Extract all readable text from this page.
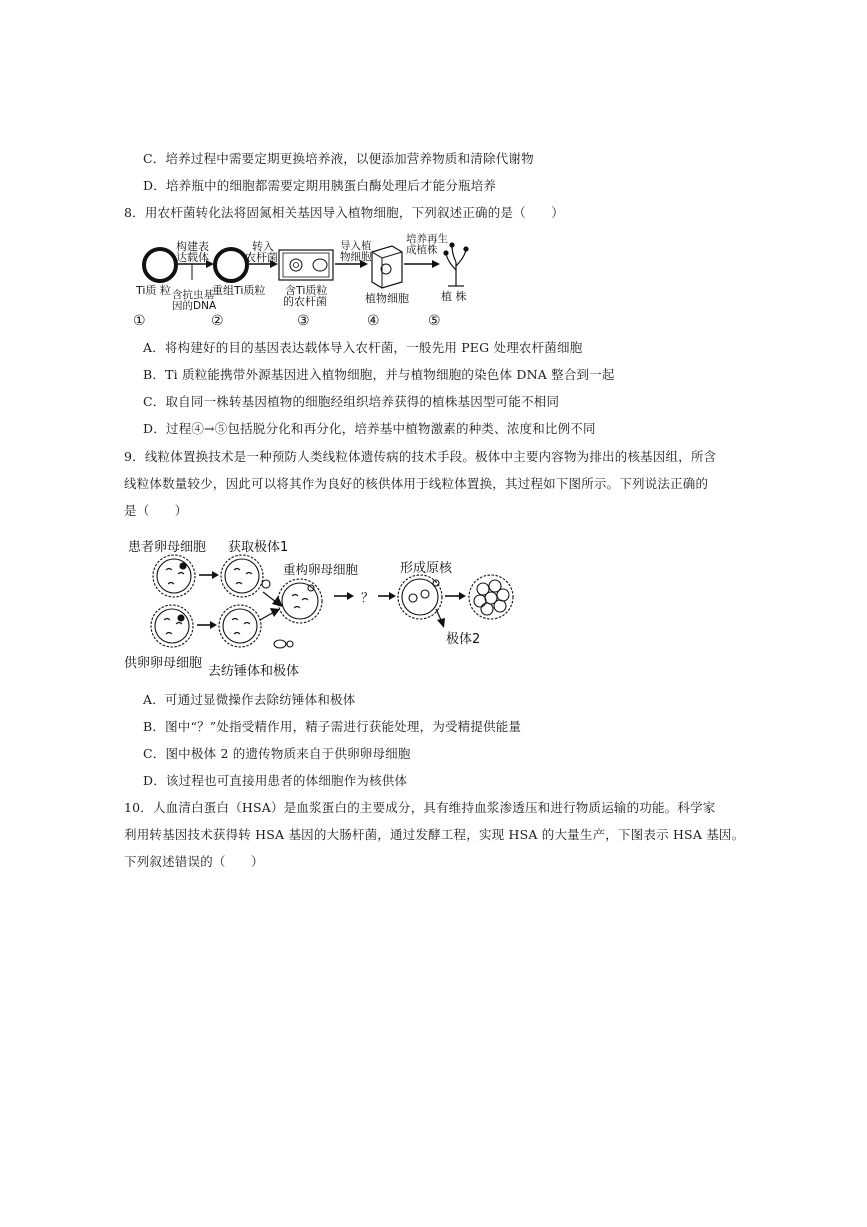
C．培养过程中需要定期更换培养液，以便添加营养物质和清除代谢物
D．培养瓶中的细胞都需要定期用胰蛋白酶处理后才能分瓶培养
8．用农杆菌转化法将固氮相关基因导入植物细胞，下列叙述正确的是（　　）
构建表
达载体
转入
农杆菌
导入植
物细胞
培养再生
成植株
Ti质 粒 含抗虫基
因的DNA
重组Ti质粒 含Ti质粒
的农杆菌	植物细胞	植 株
①	②	③	④	⑤
A．将构建好的目的基因表达载体导入农杆菌，一般先用 PEG 处理农杆菌细胞
B．Ti 质粒能携带外源基因进入植物细胞，并与植物细胞的染色体 DNA 整合到一起
C．取自同一株转基因植物的细胞经组织培养获得的植株基因型可能不相同
D．过程④→⑤包括脱分化和再分化，培养基中植物激素的种类、浓度和比例不同
9．线粒体置换技术是一种预防人类线粒体遗传病的技术手段。极体中主要内容物为排出的核基因组，所含
线粒体数量较少，因此可以将其作为良好的核供体用于线粒体置换，其过程如下图所示。下列说法正确的
是（　　）
患者卵母细胞 获取极体1
重构卵母细胞	形成原核
？
极体2
供卵卵母细胞
去纺锤体和极体
A．可通过显微操作去除纺锤体和极体
B．图中“？”处指受精作用，精子需进行获能处理，为受精提供能量
C．图中极体 2 的遗传物质来自于供卵卵母细胞
D．该过程也可直接用患者的体细胞作为核供体
10．人血清白蛋白（HSA）是血浆蛋白的主要成分，具有维持血浆渗透压和进行物质运输的功能。科学家
利用转基因技术获得转 HSA 基因的大肠杆菌，通过发酵工程，实现 HSA 的大量生产，下图表示 HSA 基因。
下列叙述错误的（　　）
